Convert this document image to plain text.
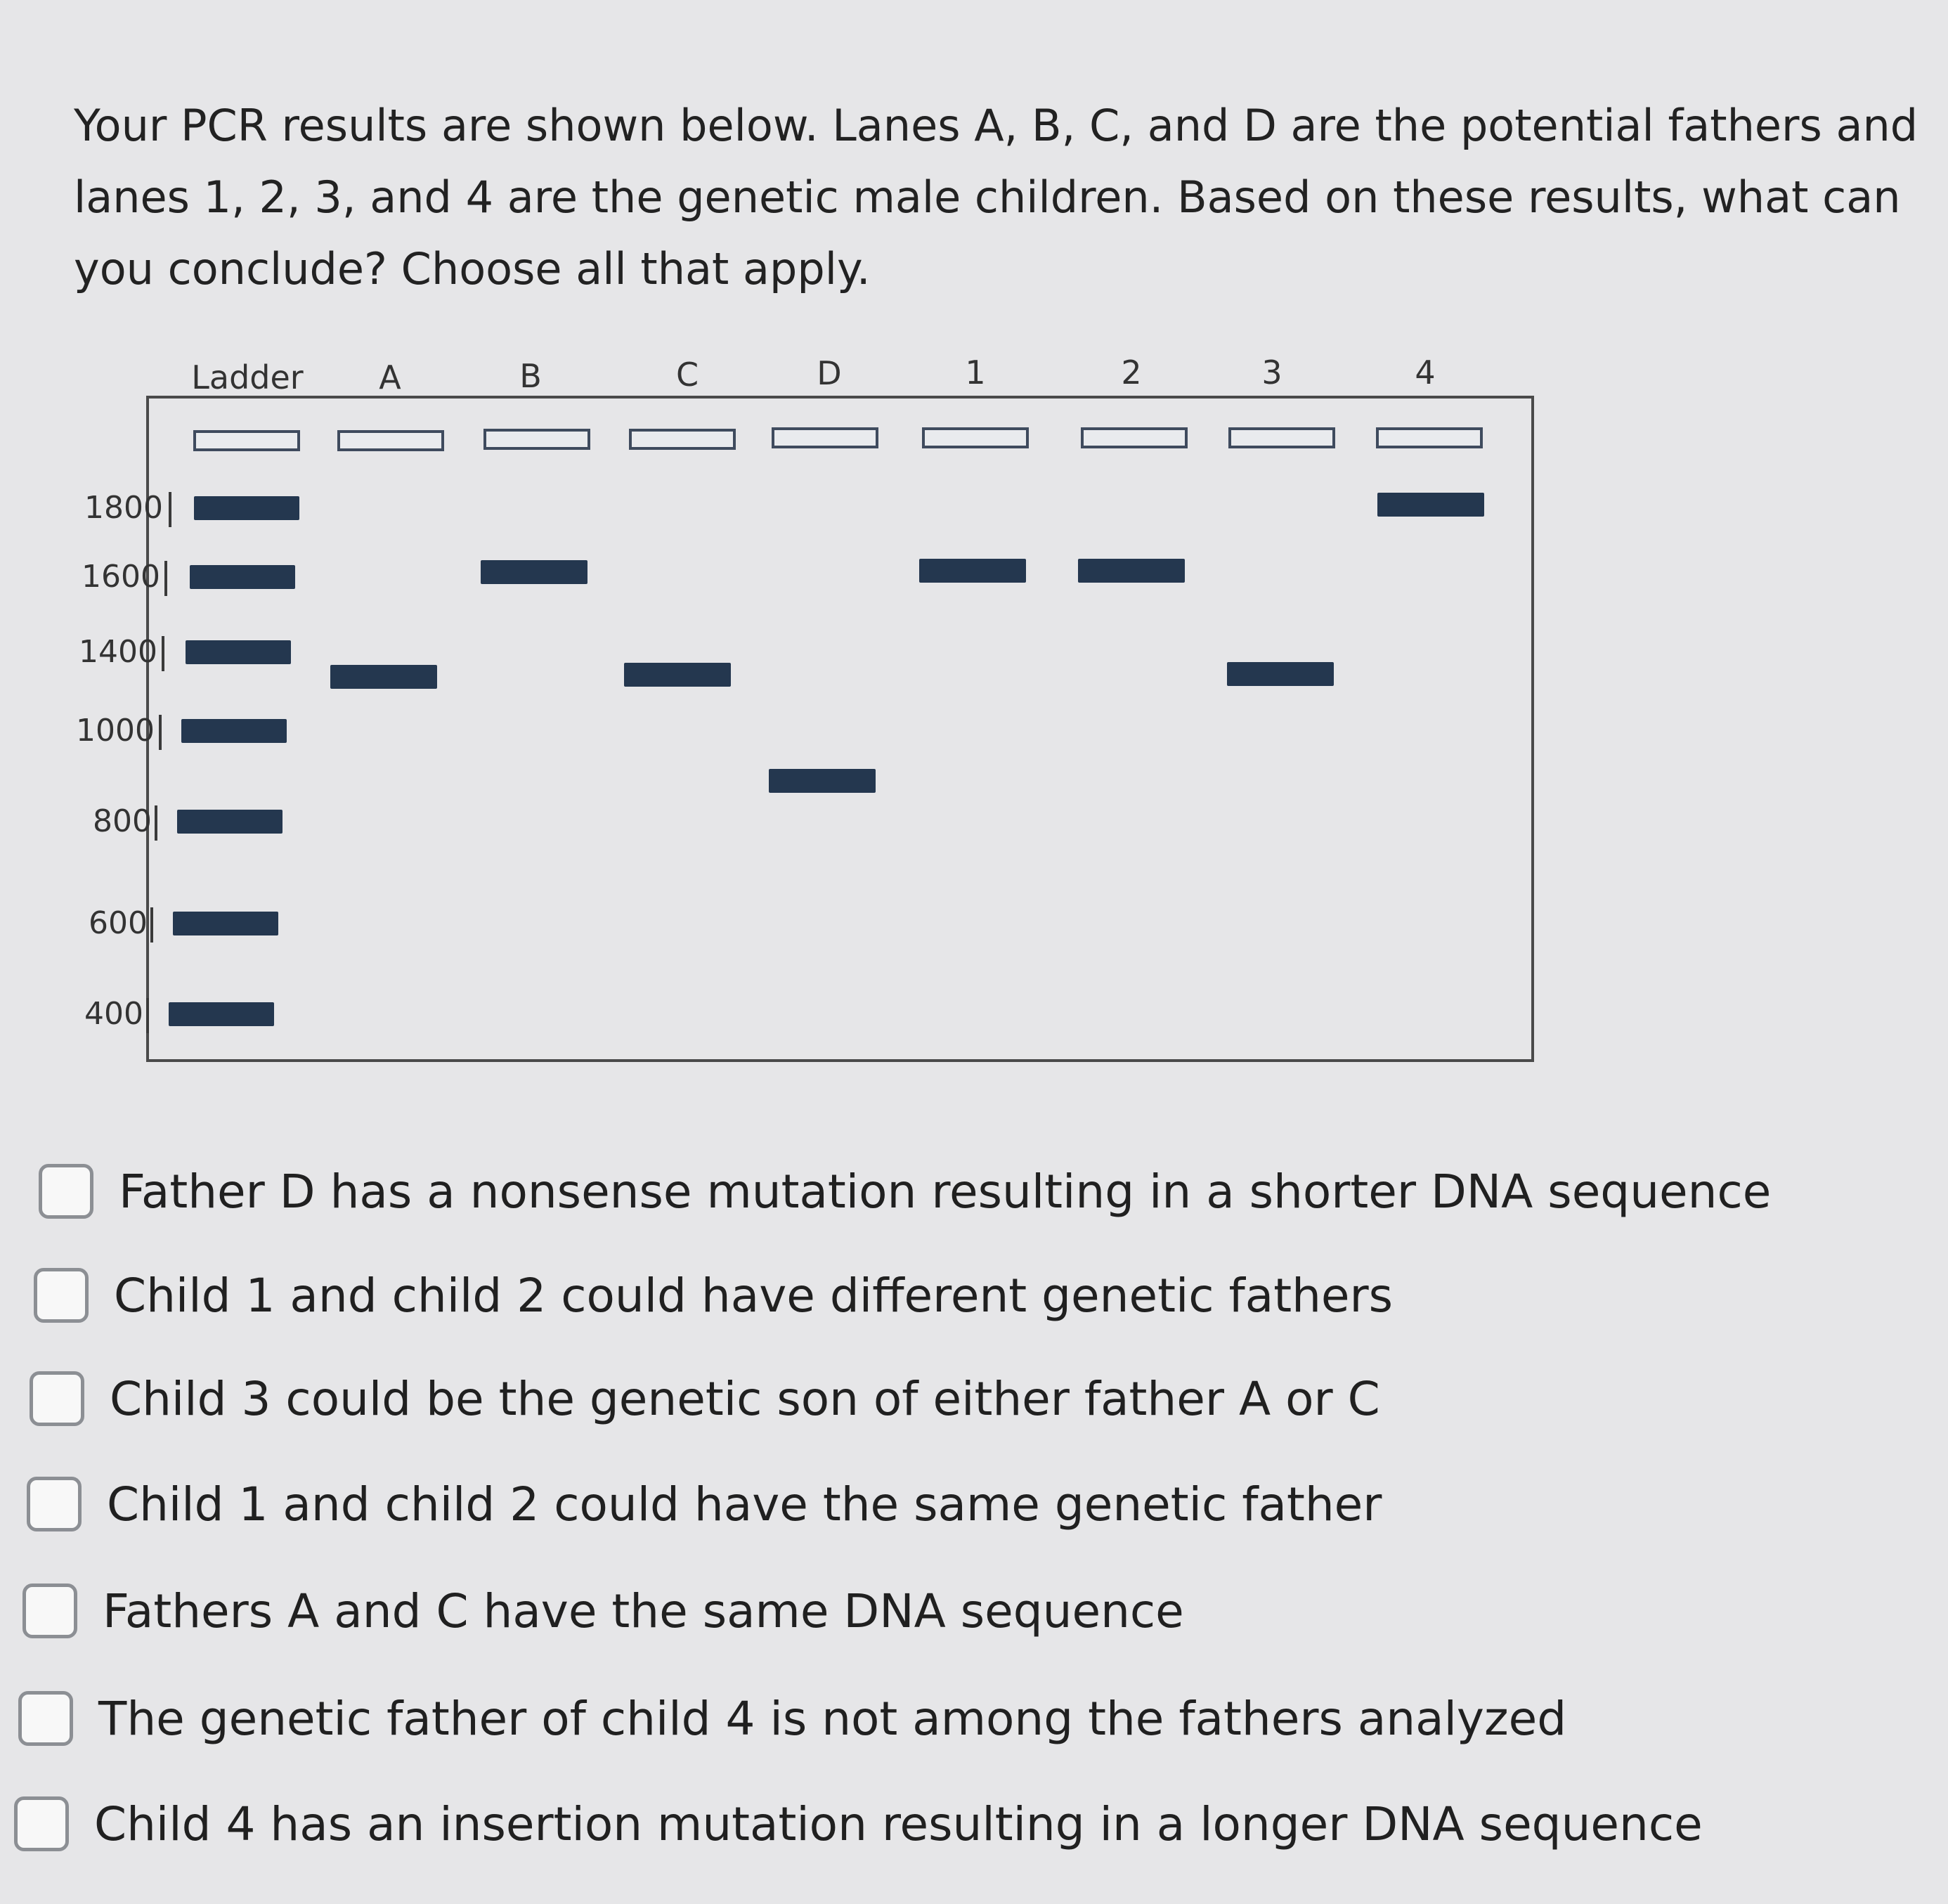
Your PCR results are shown below. Lanes A, B, C, and D are the potential fathers and lanes 1, 2, 3, and 4 are the genetic male children. Based on these results, what can you conclude? Choose all that apply.
Ladder	A	B	C	D	1	2	3	4
1800
1600
1400
1000
800
600
400
Father D has a nonsense mutation resulting in a shorter DNA sequence
Child 1 and child 2 could have different genetic fathers
Child 3 could be the genetic son of either father A or C
Child 1 and child 2 could have the same genetic father
Fathers A and C have the same DNA sequence
The genetic father of child 4 is not among the fathers analyzed
Child 4 has an insertion mutation resulting in a longer DNA sequence
